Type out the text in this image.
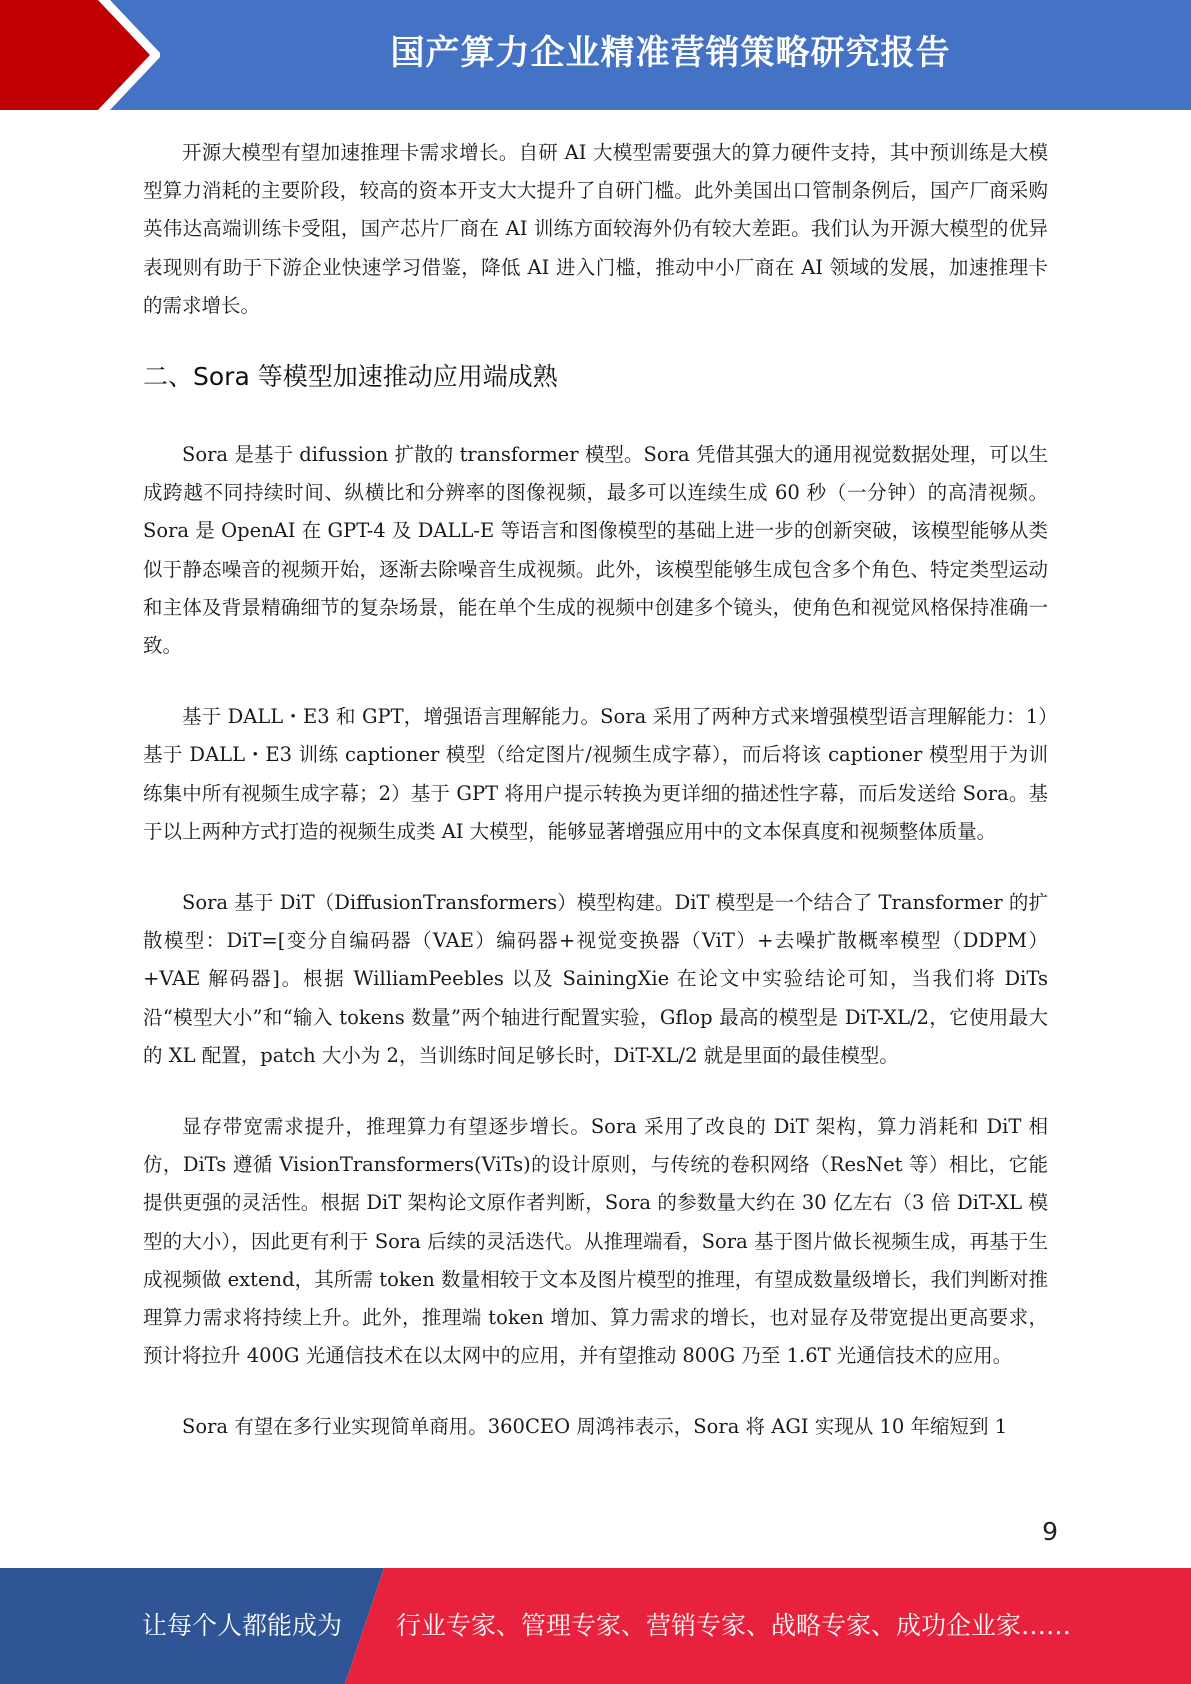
国产算力企业精准营销策略研究报告

开源大模型有望加速推理卡需求增长。自研 AI 大模型需要强大的算力硬件支持，其中预训练是大模型算力消耗的主要阶段，较高的资本开支大大提升了自研门槛。此外美国出口管制条例后，国产厂商采购英伟达高端训练卡受阻，国产芯片厂商在 AI 训练方面较海外仍有较大差距。我们认为开源大模型的优异表现则有助于下游企业快速学习借鉴，降低 AI 进入门槛，推动中小厂商在 AI 领域的发展，加速推理卡的需求增长。

二、Sora 等模型加速推动应用端成熟

Sora 是基于 difussion 扩散的 transformer 模型。Sora 凭借其强大的通用视觉数据处理，可以生成跨越不同持续时间、纵横比和分辨率的图像视频，最多可以连续生成 60 秒（一分钟）的高清视频。Sora 是 OpenAI 在 GPT-4 及 DALL-E 等语言和图像模型的基础上进一步的创新突破，该模型能够从类似于静态噪音的视频开始，逐渐去除噪音生成视频。此外，该模型能够生成包含多个角色、特定类型运动和主体及背景精确细节的复杂场景，能在单个生成的视频中创建多个镜头，使角色和视觉风格保持准确一致。

基于 DALL・E3 和 GPT，增强语言理解能力。Sora 采用了两种方式来增强模型语言理解能力：1）基于 DALL・E3 训练 captioner 模型（给定图片/视频生成字幕），而后将该 captioner 模型用于为训练集中所有视频生成字幕；2）基于 GPT 将用户提示转换为更详细的描述性字幕，而后发送给 Sora。基于以上两种方式打造的视频生成类 AI 大模型，能够显著增强应用中的文本保真度和视频整体质量。

Sora 基于 DiT（DiffusionTransformers）模型构建。DiT 模型是一个结合了 Transformer 的扩散模型：DiT=[变分自编码器（VAE）编码器+视觉变换器（ViT）+去噪扩散概率模型（DDPM）+VAE 解码器]。根据 WilliamPeebles 以及 SainingXie 在论文中实验结论可知，当我们将 DiTs 沿“模型大小”和“输入 tokens 数量”两个轴进行配置实验，Gflop 最高的模型是 DiT-XL/2，它使用最大的 XL 配置，patch 大小为 2，当训练时间足够长时，DiT-XL/2 就是里面的最佳模型。

显存带宽需求提升，推理算力有望逐步增长。Sora 采用了改良的 DiT 架构，算力消耗和 DiT 相仿，DiTs 遵循 VisionTransformers(ViTs)的设计原则，与传统的卷积网络（ResNet 等）相比，它能提供更强的灵活性。根据 DiT 架构论文原作者判断，Sora 的参数量大约在 30 亿左右（3 倍 DiT-XL 模型的大小），因此更有利于 Sora 后续的灵活迭代。从推理端看，Sora 基于图片做长视频生成，再基于生成视频做 extend，其所需 token 数量相较于文本及图片模型的推理，有望成数量级增长，我们判断对推理算力需求将持续上升。此外，推理端 token 增加、算力需求的增长，也对显存及带宽提出更高要求，预计将拉升 400G 光通信技术在以太网中的应用，并有望推动 800G 乃至 1.6T 光通信技术的应用。

Sora 有望在多行业实现简单商用。360CEO 周鸿祎表示，Sora 将 AGI 实现从 10 年缩短到 1

9
让每个人都能成为 行业专家、管理专家、营销专家、战略专家、成功企业家……
